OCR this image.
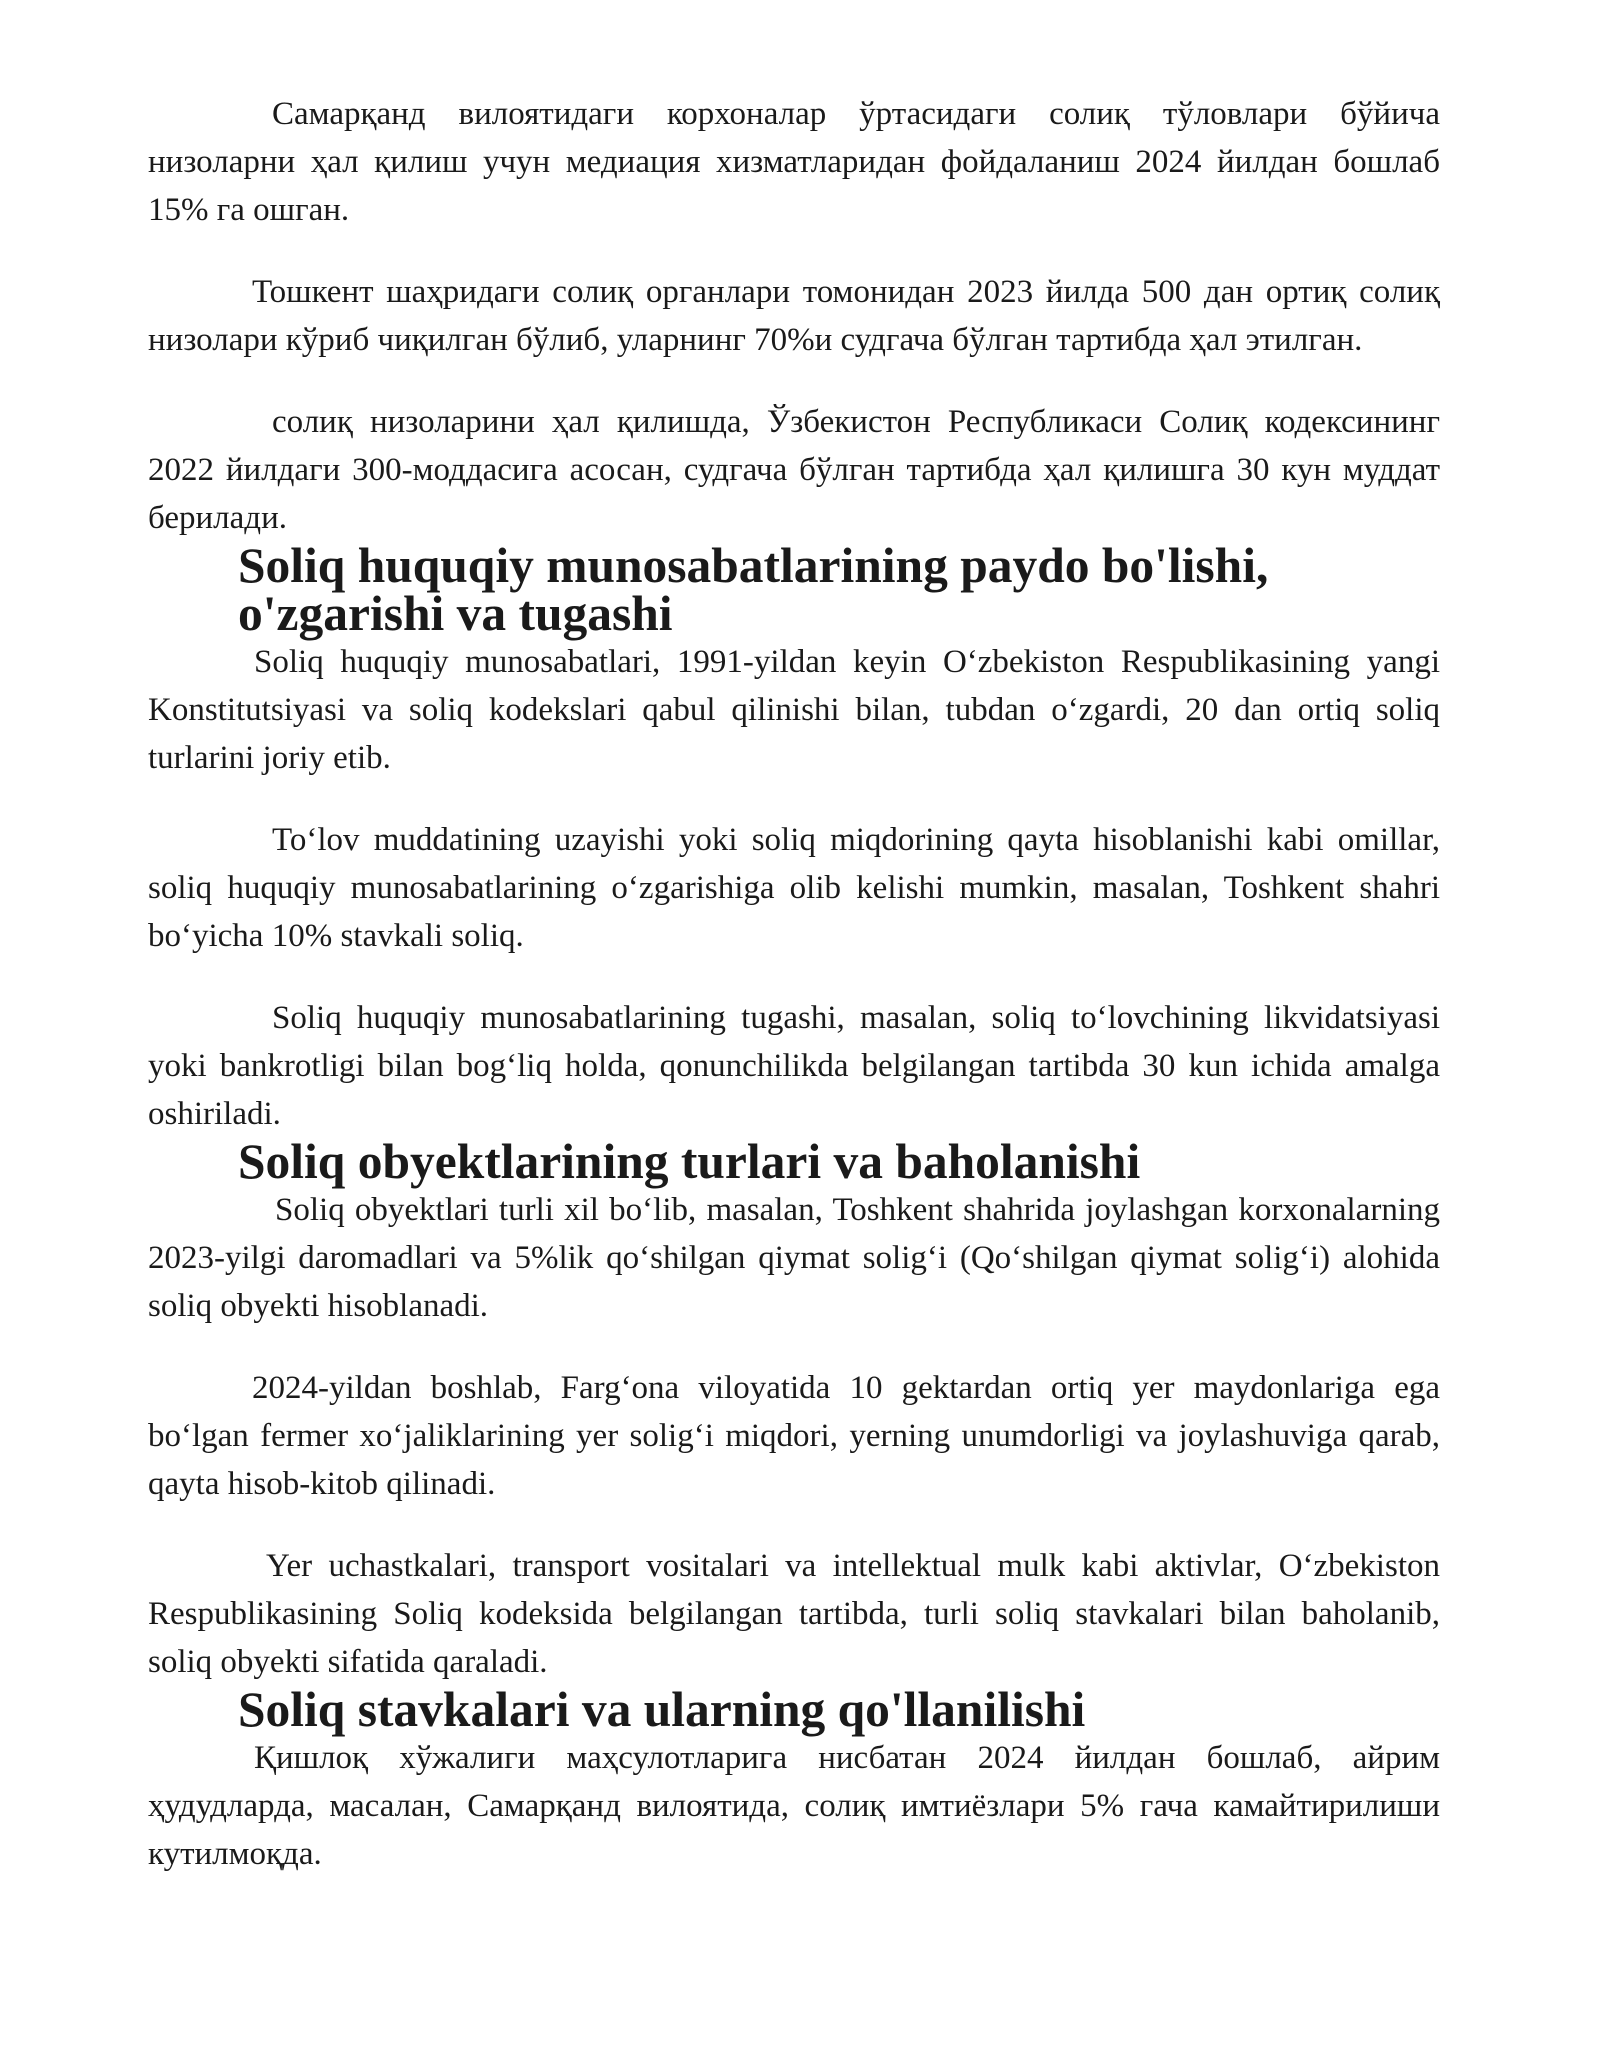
Самарқанд вилоятидаги корхоналар ўртасидаги солиқ тўловлари бўйича низоларни ҳал қилиш учун медиация хизматларидан фойдаланиш 2024 йилдан бошлаб 15% га ошган.

Тошкент шаҳридаги солиқ органлари томонидан 2023 йилда 500 дан ортиқ солиқ низолари кўриб чиқилган бўлиб, уларнинг 70%и судгача бўлган тартибда ҳал этилган.

солиқ низоларини ҳал қилишда, Ўзбекистон Республикаси Солиқ кодексининг 2022 йилдаги 300-моддасига асосан, судгача бўлган тартибда ҳал қилишга 30 кун муддат берилади.

Soliq huquqiy munosabatlarining paydo bo'lishi, o'zgarishi va tugashi

Soliq huquqiy munosabatlari, 1991-yildan keyin O‘zbekiston Respublikasining yangi Konstitutsiyasi va soliq kodekslari qabul qilinishi bilan, tubdan o‘zgardi, 20 dan ortiq soliq turlarini joriy etib.

To‘lov muddatining uzayishi yoki soliq miqdorining qayta hisoblanishi kabi omillar, soliq huquqiy munosabatlarining o‘zgarishiga olib kelishi mumkin, masalan, Toshkent shahri bo‘yicha 10% stavkali soliq.

Soliq huquqiy munosabatlarining tugashi, masalan, soliq to‘lovchining likvidatsiyasi yoki bankrotligi bilan bog‘liq holda, qonunchilikda belgilangan tartibda 30 kun ichida amalga oshiriladi.

Soliq obyektlarining turlari va baholanishi

Soliq obyektlari turli xil bo‘lib, masalan, Toshkent shahrida joylashgan korxonalarning 2023-yilgi daromadlari va 5%lik qo‘shilgan qiymat solig‘i (Qo‘shilgan qiymat solig‘i) alohida soliq obyekti hisoblanadi.

2024-yildan boshlab, Farg‘ona viloyatida 10 gektardan ortiq yer maydonlariga ega bo‘lgan fermer xo‘jaliklarining yer solig‘i miqdori, yerning unumdorligi va joylashuviga qarab, qayta hisob-kitob qilinadi.

Yer uchastkalari, transport vositalari va intellektual mulk kabi aktivlar, O‘zbekiston Respublikasining Soliq kodeksida belgilangan tartibda, turli soliq stavkalari bilan baholanib, soliq obyekti sifatida qaraladi.

Soliq stavkalari va ularning qo'llanilishi

Қишлоқ хўжалиги маҳсулотларига нисбатан 2024 йилдан бошлаб, айрим ҳудудларда, масалан, Самарқанд вилоятида, солиқ имтиёзлари 5% гача камайтирилиши кутилмоқда.
